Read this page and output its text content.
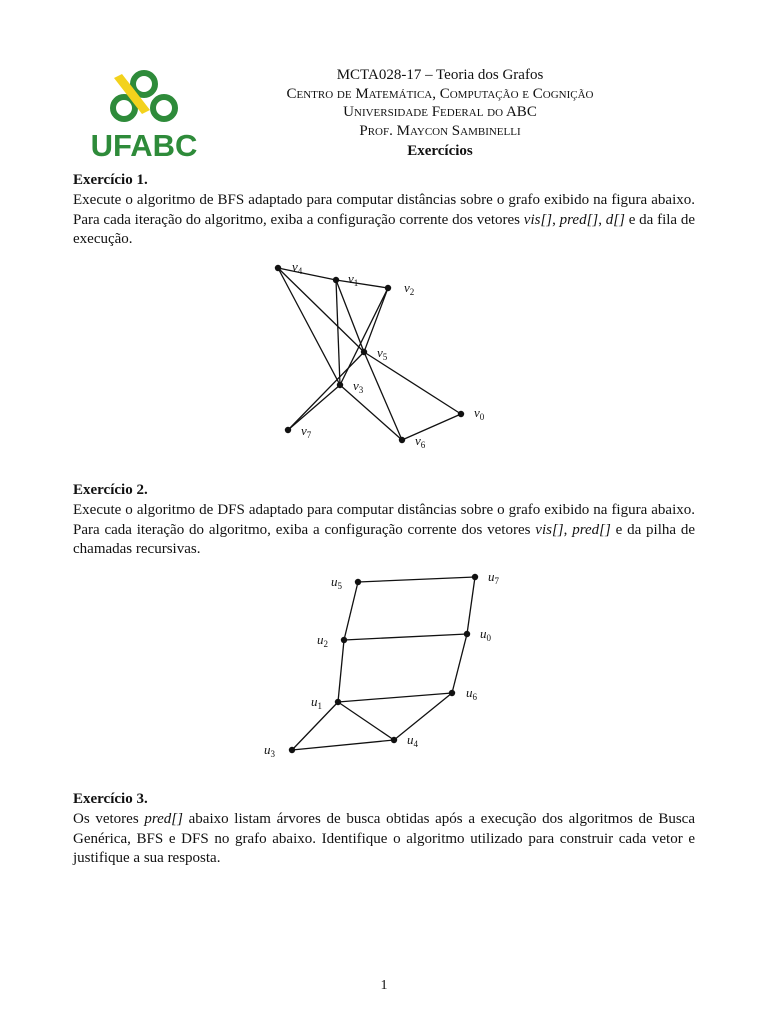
UFABC
MCTA028-17 – Teoria dos Grafos
Centro de Matemática, Computação e Cognição
Universidade Federal do ABC
Prof. Maycon Sambinelli
Exercícios
Exercício 1.
Execute o algoritmo de BFS adaptado para computar distâncias sobre o grafo exibido na figura abaixo. Para cada iteração do algoritmo, exiba a configuração corrente dos vetores vis[], pred[], d[] e da fila de execução.
$v_4$	$v_1$	$v_2$
$v_5$
$v_3$
$v_0$
$v_7$	$v_6$
Exercício 2.
Execute o algoritmo de DFS adaptado para computar distâncias sobre o grafo exibido na figura abaixo. Para cada iteração do algoritmo, exiba a configuração corrente dos vetores vis[], pred[] e da pilha de chamadas recursivas.
$u_5$
$u_7$
$u_2$
$u_0$
$u_1$
$u_6$
$u_3$
$u_4$
Exercício 3.
Os vetores pred[] abaixo listam árvores de busca obtidas após a execução dos algoritmos de Busca Genérica, BFS e DFS no grafo abaixo. Identifique o algoritmo utilizado para construir cada vetor e justifique a sua resposta.
1
